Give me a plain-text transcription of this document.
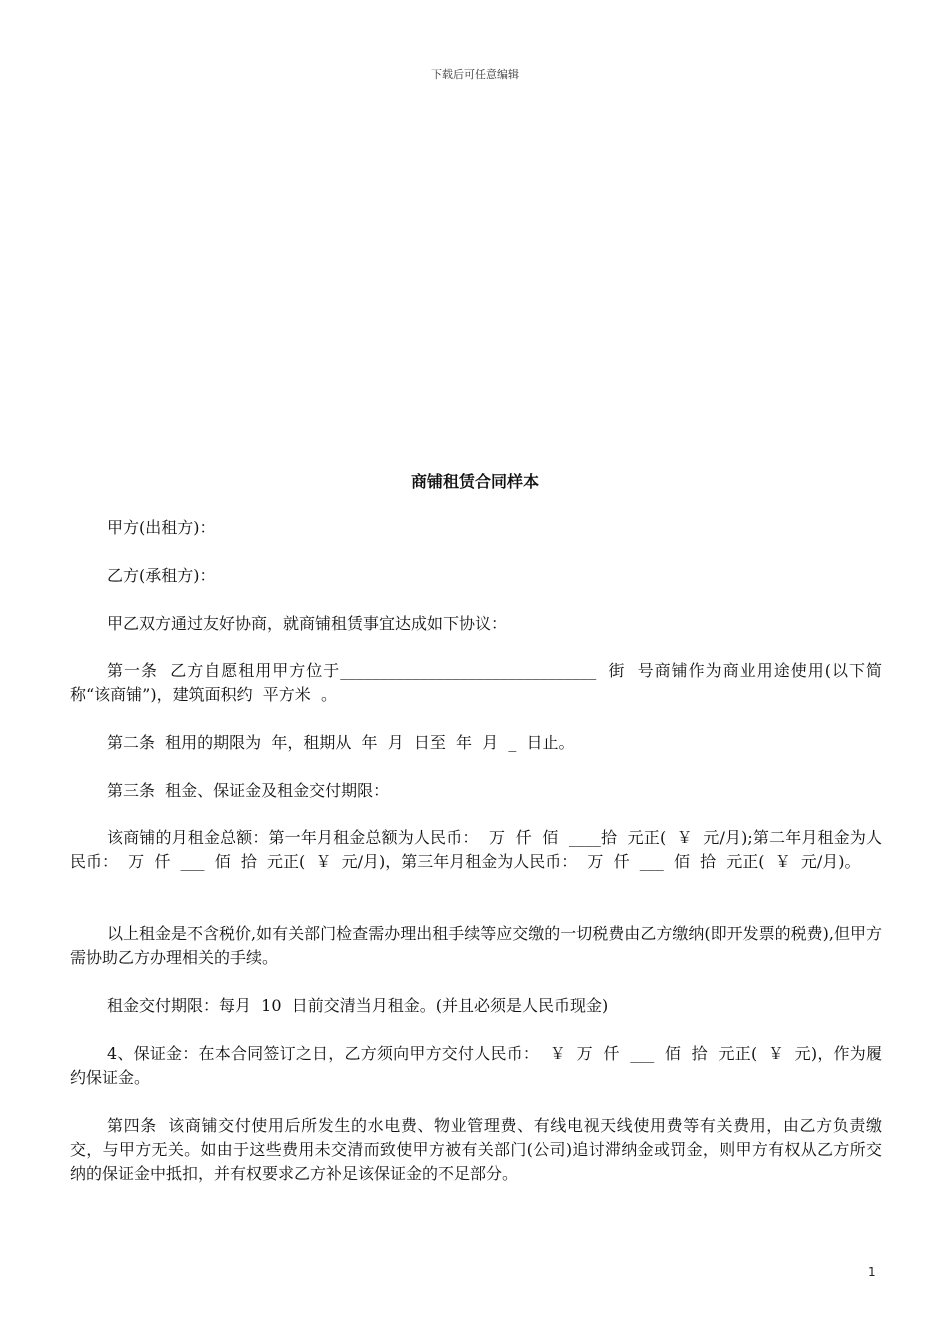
下载后可任意编辑
商铺租赁合同样本
甲方(出租方)：
乙方(承租方)：
甲乙双方通过友好协商，就商铺租赁事宜达成如下协议：
第一条  乙方自愿租用甲方位于________________________________  街  号商铺作为商业用途使用(以下简称“该商铺”)，建筑面积约  平方米  。
第二条  租用的期限为  年，租期从  年  月  日至  年  月  _  日止。
第三条  租金、保证金及租金交付期限：
该商铺的月租金总额：第一年月租金总额为人民币：  万  仟  佰  ____拾  元正(  ￥  元/月);第二年月租金为人民币：  万  仟  ___  佰  拾  元正(  ￥  元/月)，第三年月租金为人民币：  万  仟  ___  佰  拾  元正(  ￥  元/月)。
以上租金是不含税价,如有关部门检查需办理出租手续等应交缴的一切税费由乙方缴纳(即开发票的税费),但甲方需协助乙方办理相关的手续。
租金交付期限：每月  10  日前交清当月租金。(并且必须是人民币现金)
4、保证金：在本合同签订之日，乙方须向甲方交付人民币：  ￥  万  仟  ___  佰  拾  元正(  ￥  元)，作为履约保证金。
第四条  该商铺交付使用后所发生的水电费、物业管理费、有线电视天线使用费等有关费用，由乙方负责缴交，与甲方无关。如由于这些费用未交清而致使甲方被有关部门(公司)追讨滞纳金或罚金，则甲方有权从乙方所交纳的保证金中抵扣，并有权要求乙方补足该保证金的不足部分。
1
